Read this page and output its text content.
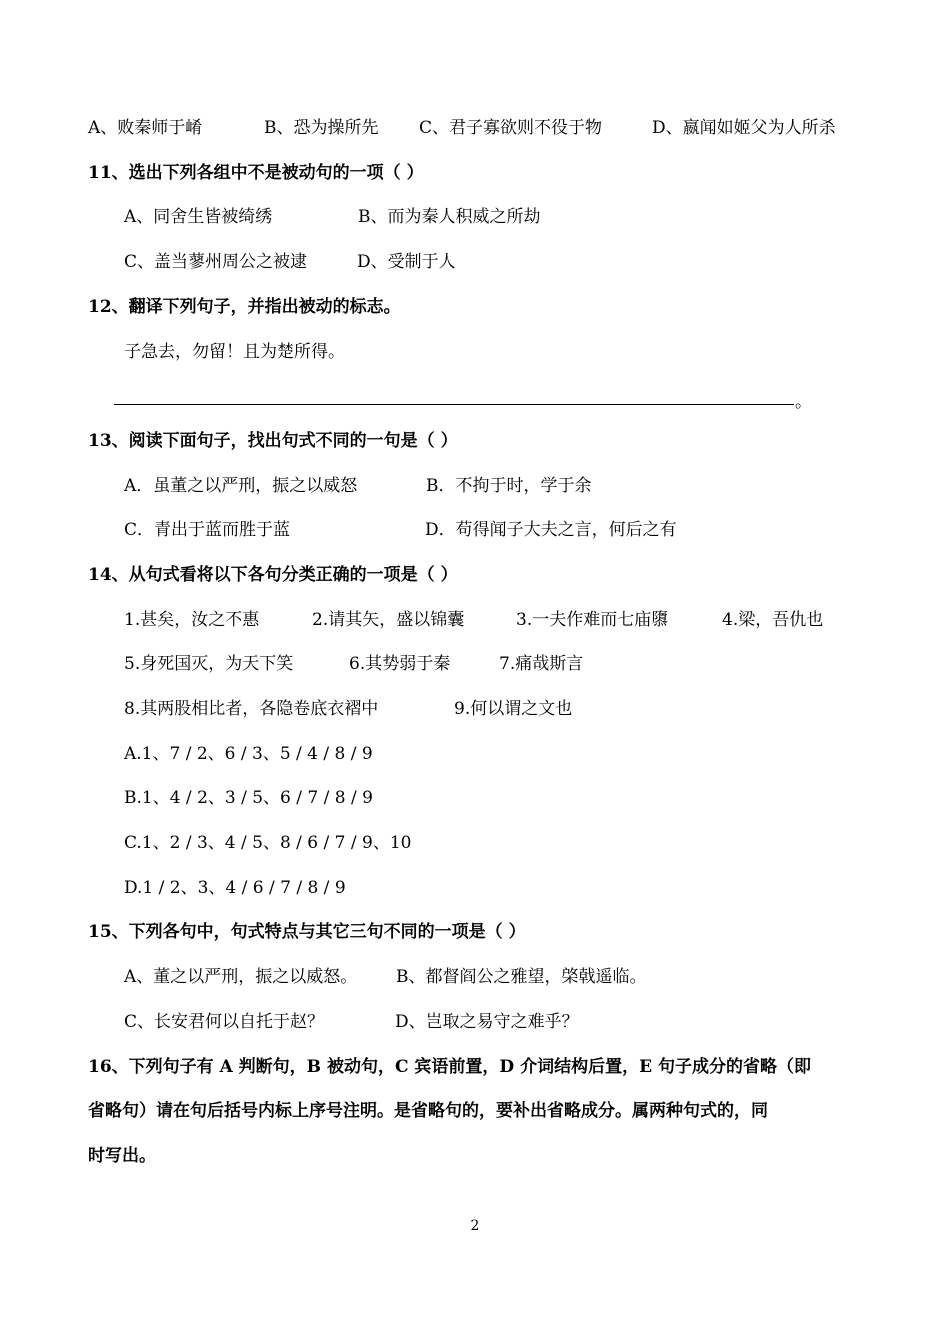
A、败秦师于崤	B、恐为操所先 C、君子寡欲则不役于物	D、嬴闻如姬父为人所杀
11、选出下列各组中不是被动句的一项（ ）
A、同舍生皆被绮绣	B、而为秦人积威之所劫
C、盖当蓼州周公之被逮	D、受制于人
12、翻译下列句子，并指出被动的标志。
子急去，勿留！且为楚所得。
。
13、阅读下面句子，找出句式不同的一句是（ ）
A．虽董之以严刑，振之以威怒	B．不拘于时，学于余
C．青出于蓝而胜于蓝	D．苟得闻子大夫之言，何后之有
14、从句式看将以下各句分类正确的一项是（ ）
1.甚矣，汝之不惠	2.请其矢，盛以锦囊	3.一夫作难而七庙隳	4.梁，吾仇也
5.身死国灭，为天下笑	6.其势弱于秦	7.痛哉斯言
8.其两股相比者，各隐卷底衣褶中	9.何以谓之文也
A.1、7 / 2、6 / 3、5 / 4 / 8 / 9
B.1、4 / 2、3 / 5、6 / 7 / 8 / 9
C.1、2 / 3、4 / 5、8 / 6 / 7 / 9、10
D.1 / 2、3、4 / 6 / 7 / 8 / 9
15、下列各句中，句式特点与其它三句不同的一项是（ ）
A、董之以严刑，振之以威怒。 B、都督阎公之雅望，棨戟遥临。
C、长安君何以自托于赵？	D、岂取之易守之难乎？
16、下列句子有 A 判断句，B 被动句，C 宾语前置，D 介词结构后置，E 句子成分的省略（即
省略句）请在句后括号内标上序号注明。是省略句的，要补出省略成分。属两种句式的，同
时写出。
2
